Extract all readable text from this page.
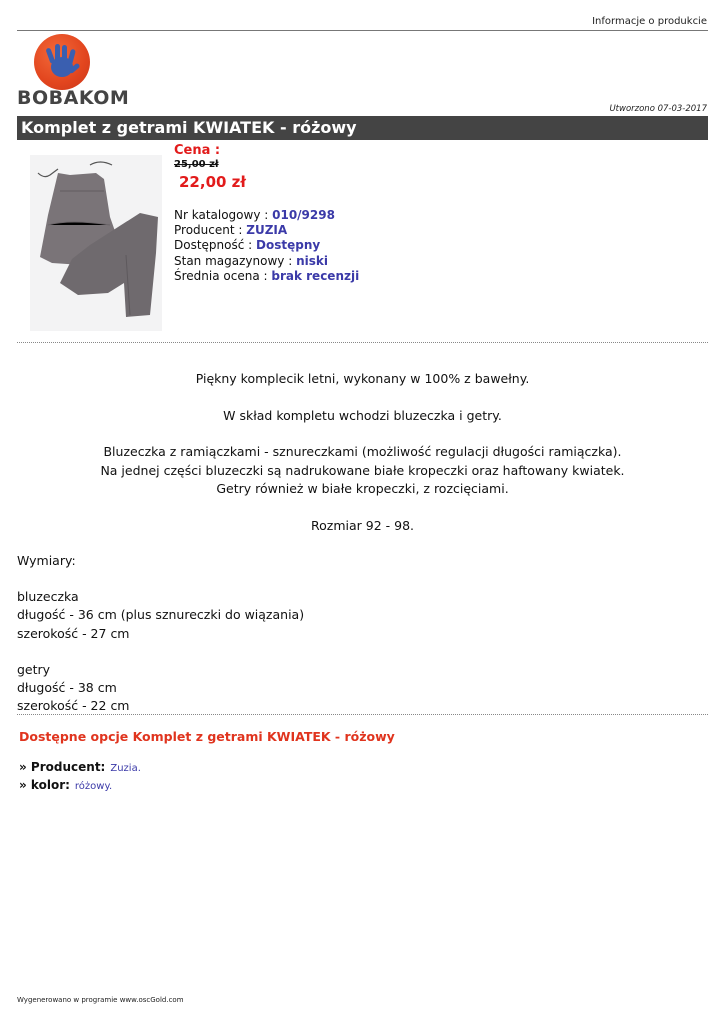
Informacje o produkcie
BOBAKOM	Utworzono 07-03-2017
Komplet z getrami KWIATEK - różowy
Cena :
25,00 zł
22,00 zł
Nr katalogowy : 010/9298
Producent : ZUZIA
Dostępność : Dostępny
Stan magazynowy : niski
Średnia ocena : brak recenzji

Piękny komplecik letni, wykonany w 100% z bawełny.

W skład kompletu wchodzi bluzeczka i getry.

Bluzeczka z ramiączkami - sznureczkami (możliwość regulacji długości ramiączka).
Na jednej części bluzeczki są nadrukowane białe kropeczki oraz haftowany kwiatek.
Getry również w białe kropeczki, z rozcięciami.

Rozmiar 92 - 98.

Wymiary:

bluzeczka
długość - 36 cm (plus sznureczki do wiązania)
szerokość - 27 cm

getry
długość - 38 cm
szerokość - 22 cm

Dostępne opcje Komplet z getrami KWIATEK - różowy
» Producent: Zuzia.
» kolor: różowy.
Wygenerowano w programie www.oscGold.com
